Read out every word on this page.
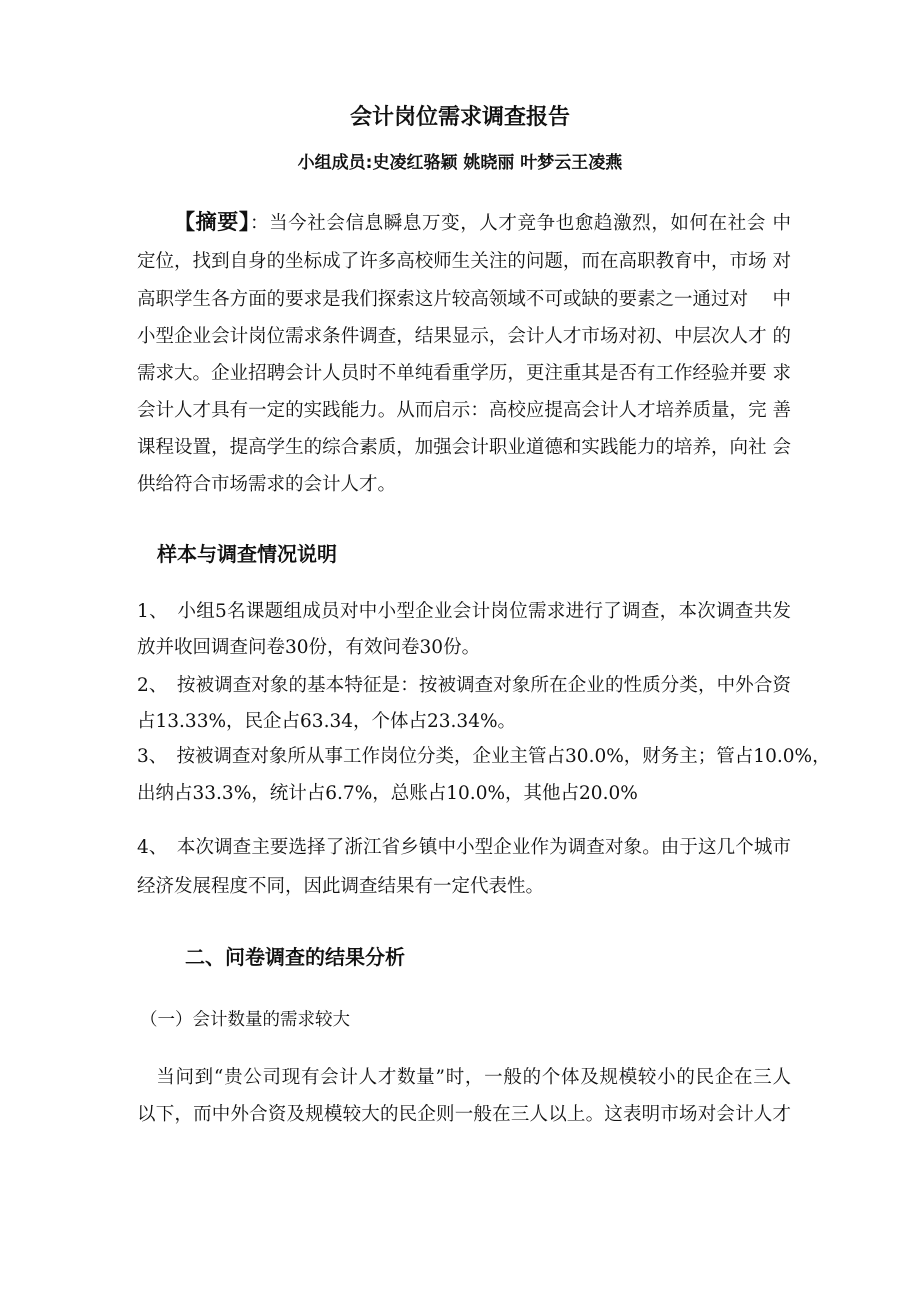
会计岗位需求调查报告
小组成员:史凌红骆颖 姚晓丽 叶梦云王凌燕
【摘要】：当今社会信息瞬息万变，人才竞争也愈趋激烈，如何在社会 中
定位，找到自身的坐标成了许多高校师生关注的问题，而在高职教育中，市场 对
高职学生各方面的要求是我们探索这片较高领域不可或缺的要素之一通过对　 中
小型企业会计岗位需求条件调查，结果显示，会计人才市场对初、中层次人才 的
需求大。企业招聘会计人员时不单纯看重学历，更注重其是否有工作经验并要 求
会计人才具有一定的实践能力。从而启示：高校应提高会计人才培养质量，完 善
课程设置，提高学生的综合素质，加强会计职业道德和实践能力的培养，向社 会
供给符合市场需求的会计人才。
样本与调查情况说明
1、　小组5名课题组成员对中小型企业会计岗位需求进行了调查，本次调查共发
放并收回调查问卷30份，有效问卷30份。
2、　按被调查对象的基本特征是：按被调查对象所在企业的性质分类，中外合资
占13.33%，民企占63.34，个体占23.34%。
3、　按被调查对象所从事工作岗位分类，企业主管占30.0%，财务主；管占10.0%，
出纳占33.3%，统计占6.7%，总账占10.0%，其他占20.0%
4、　本次调查主要选择了浙江省乡镇中小型企业作为调查对象。由于这几个城市
经济发展程度不同，因此调查结果有一定代表性。
二、问卷调查的结果分析
（一）会计数量的需求较大
　当问到“贵公司现有会计人才数量”时，一般的个体及规模较小的民企在三人
以下，而中外合资及规模较大的民企则一般在三人以上。这表明市场对会计人才
